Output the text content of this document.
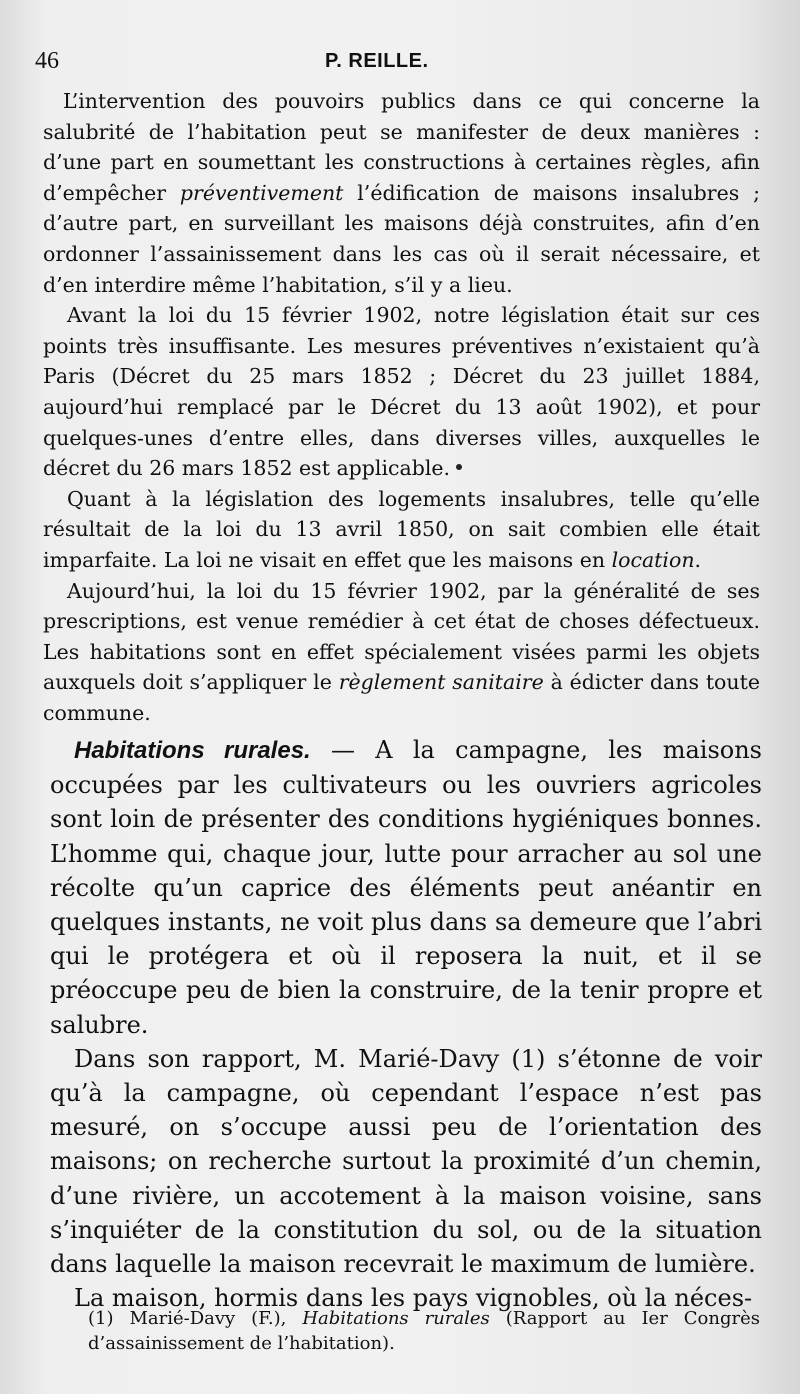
46	P. REILLE.

L’intervention des pouvoirs publics dans ce qui concerne la salubrité de l’habitation peut se manifester de deux manières : d’une part en soumettant les constructions à certaines règles, afin d’empêcher préventivement l’édification de maisons insalubres ; d’autre part, en surveillant les maisons déjà construites, afin d’en ordonner l’assainissement dans les cas où il serait nécessaire, et d’en interdire même l’habitation, s’il y a lieu.

Avant la loi du 15 février 1902, notre législation était sur ces points très insuffisante. Les mesures préventives n’existaient qu’à Paris (Décret du 25 mars 1852 ; Décret du 23 juillet 1884, aujourd’hui remplacé par le Décret du 13 août 1902), et pour quelques-unes d’entre elles, dans diverses villes, auxquelles le décret du 26 mars 1852 est applicable.

Quant à la législation des logements insalubres, telle qu’elle résultait de la loi du 13 avril 1850, on sait combien elle était imparfaite. La loi ne visait en effet que les maisons en location.

Aujourd’hui, la loi du 15 février 1902, par la généralité de ses prescriptions, est venue remédier à cet état de choses défectueux. Les habitations sont en effet spécialement visées parmi les objets auxquels doit s’appliquer le règlement sanitaire à édicter dans toute commune.

Habitations rurales. — A la campagne, les maisons occupées par les cultivateurs ou les ouvriers agricoles sont loin de présenter des conditions hygiéniques bonnes. L’homme qui, chaque jour, lutte pour arracher au sol une récolte qu’un caprice des éléments peut anéantir en quelques instants, ne voit plus dans sa demeure que l’abri qui le protégera et où il reposera la nuit, et il se préoccupe peu de bien la construire, de la tenir propre et salubre.

Dans son rapport, M. Marié-Davy (1) s’étonne de voir qu’à la campagne, où cependant l’espace n’est pas mesuré, on s’occupe aussi peu de l’orientation des maisons; on recherche surtout la proximité d’un chemin, d’une rivière, un accotement à la maison voisine, sans s’inquiéter de la constitution du sol, ou de la situation dans laquelle la maison recevrait le maximum de lumière.

La maison, hormis dans les pays vignobles, où la néces-

(1) Marié-Davy (F.), Habitations rurales (Rapport au Ier Congrès d’assainissement de l’habitation).
